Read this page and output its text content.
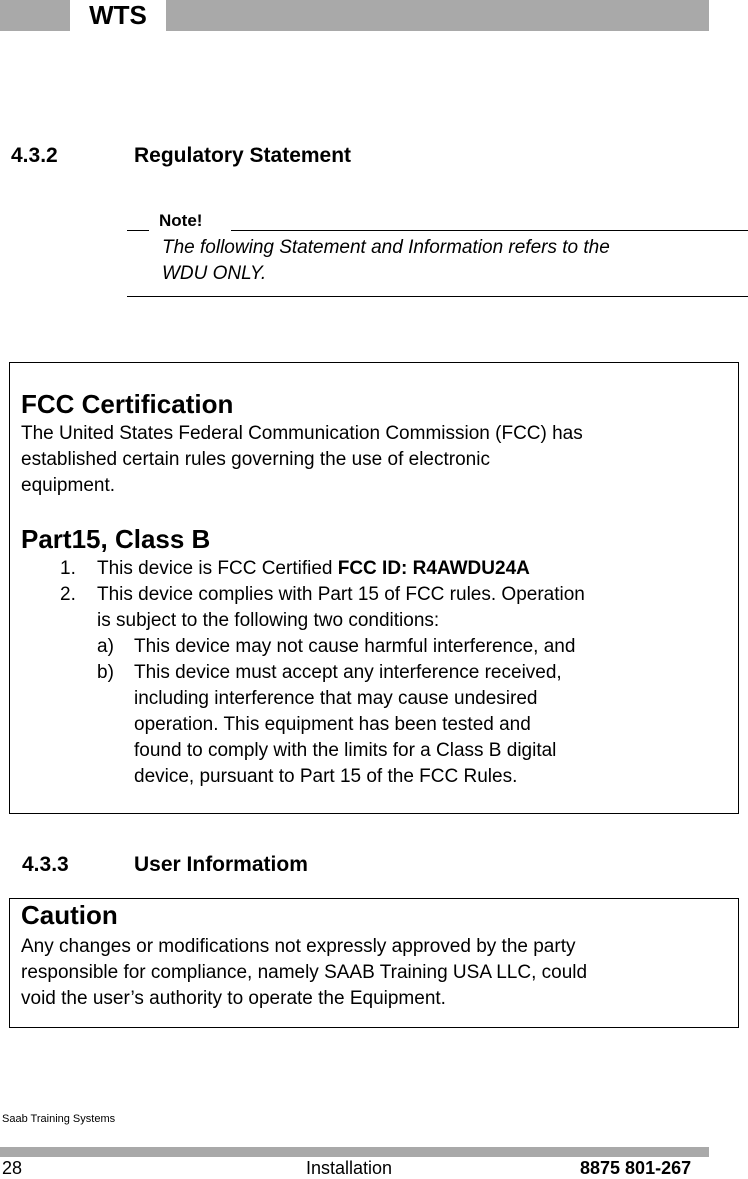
WTS
4.3.2	Regulatory Statement
Note!
The following Statement and Information refers to the
WDU ONLY.
FCC Certification
The United States Federal Communication Commission (FCC) has
established certain rules governing the use of electronic
equipment.
Part15, Class B
1. This device is FCC Certified FCC ID: R4AWDU24A
2. This device complies with Part 15 of FCC rules. Operation
is subject to the following two conditions:
a) This device may not cause harmful interference, and
b) This device must accept any interference received,
including interference that may cause undesired
operation. This equipment has been tested and
found to comply with the limits for a Class B digital
device, pursuant to Part 15 of the FCC Rules.
4.3.3	User Informatiom
Caution
Any changes or modifications not expressly approved by the party
responsible for compliance, namely SAAB Training USA LLC, could
void the user’s authority to operate the Equipment.
Saab Training Systems
28	Installation	8875 801-267
